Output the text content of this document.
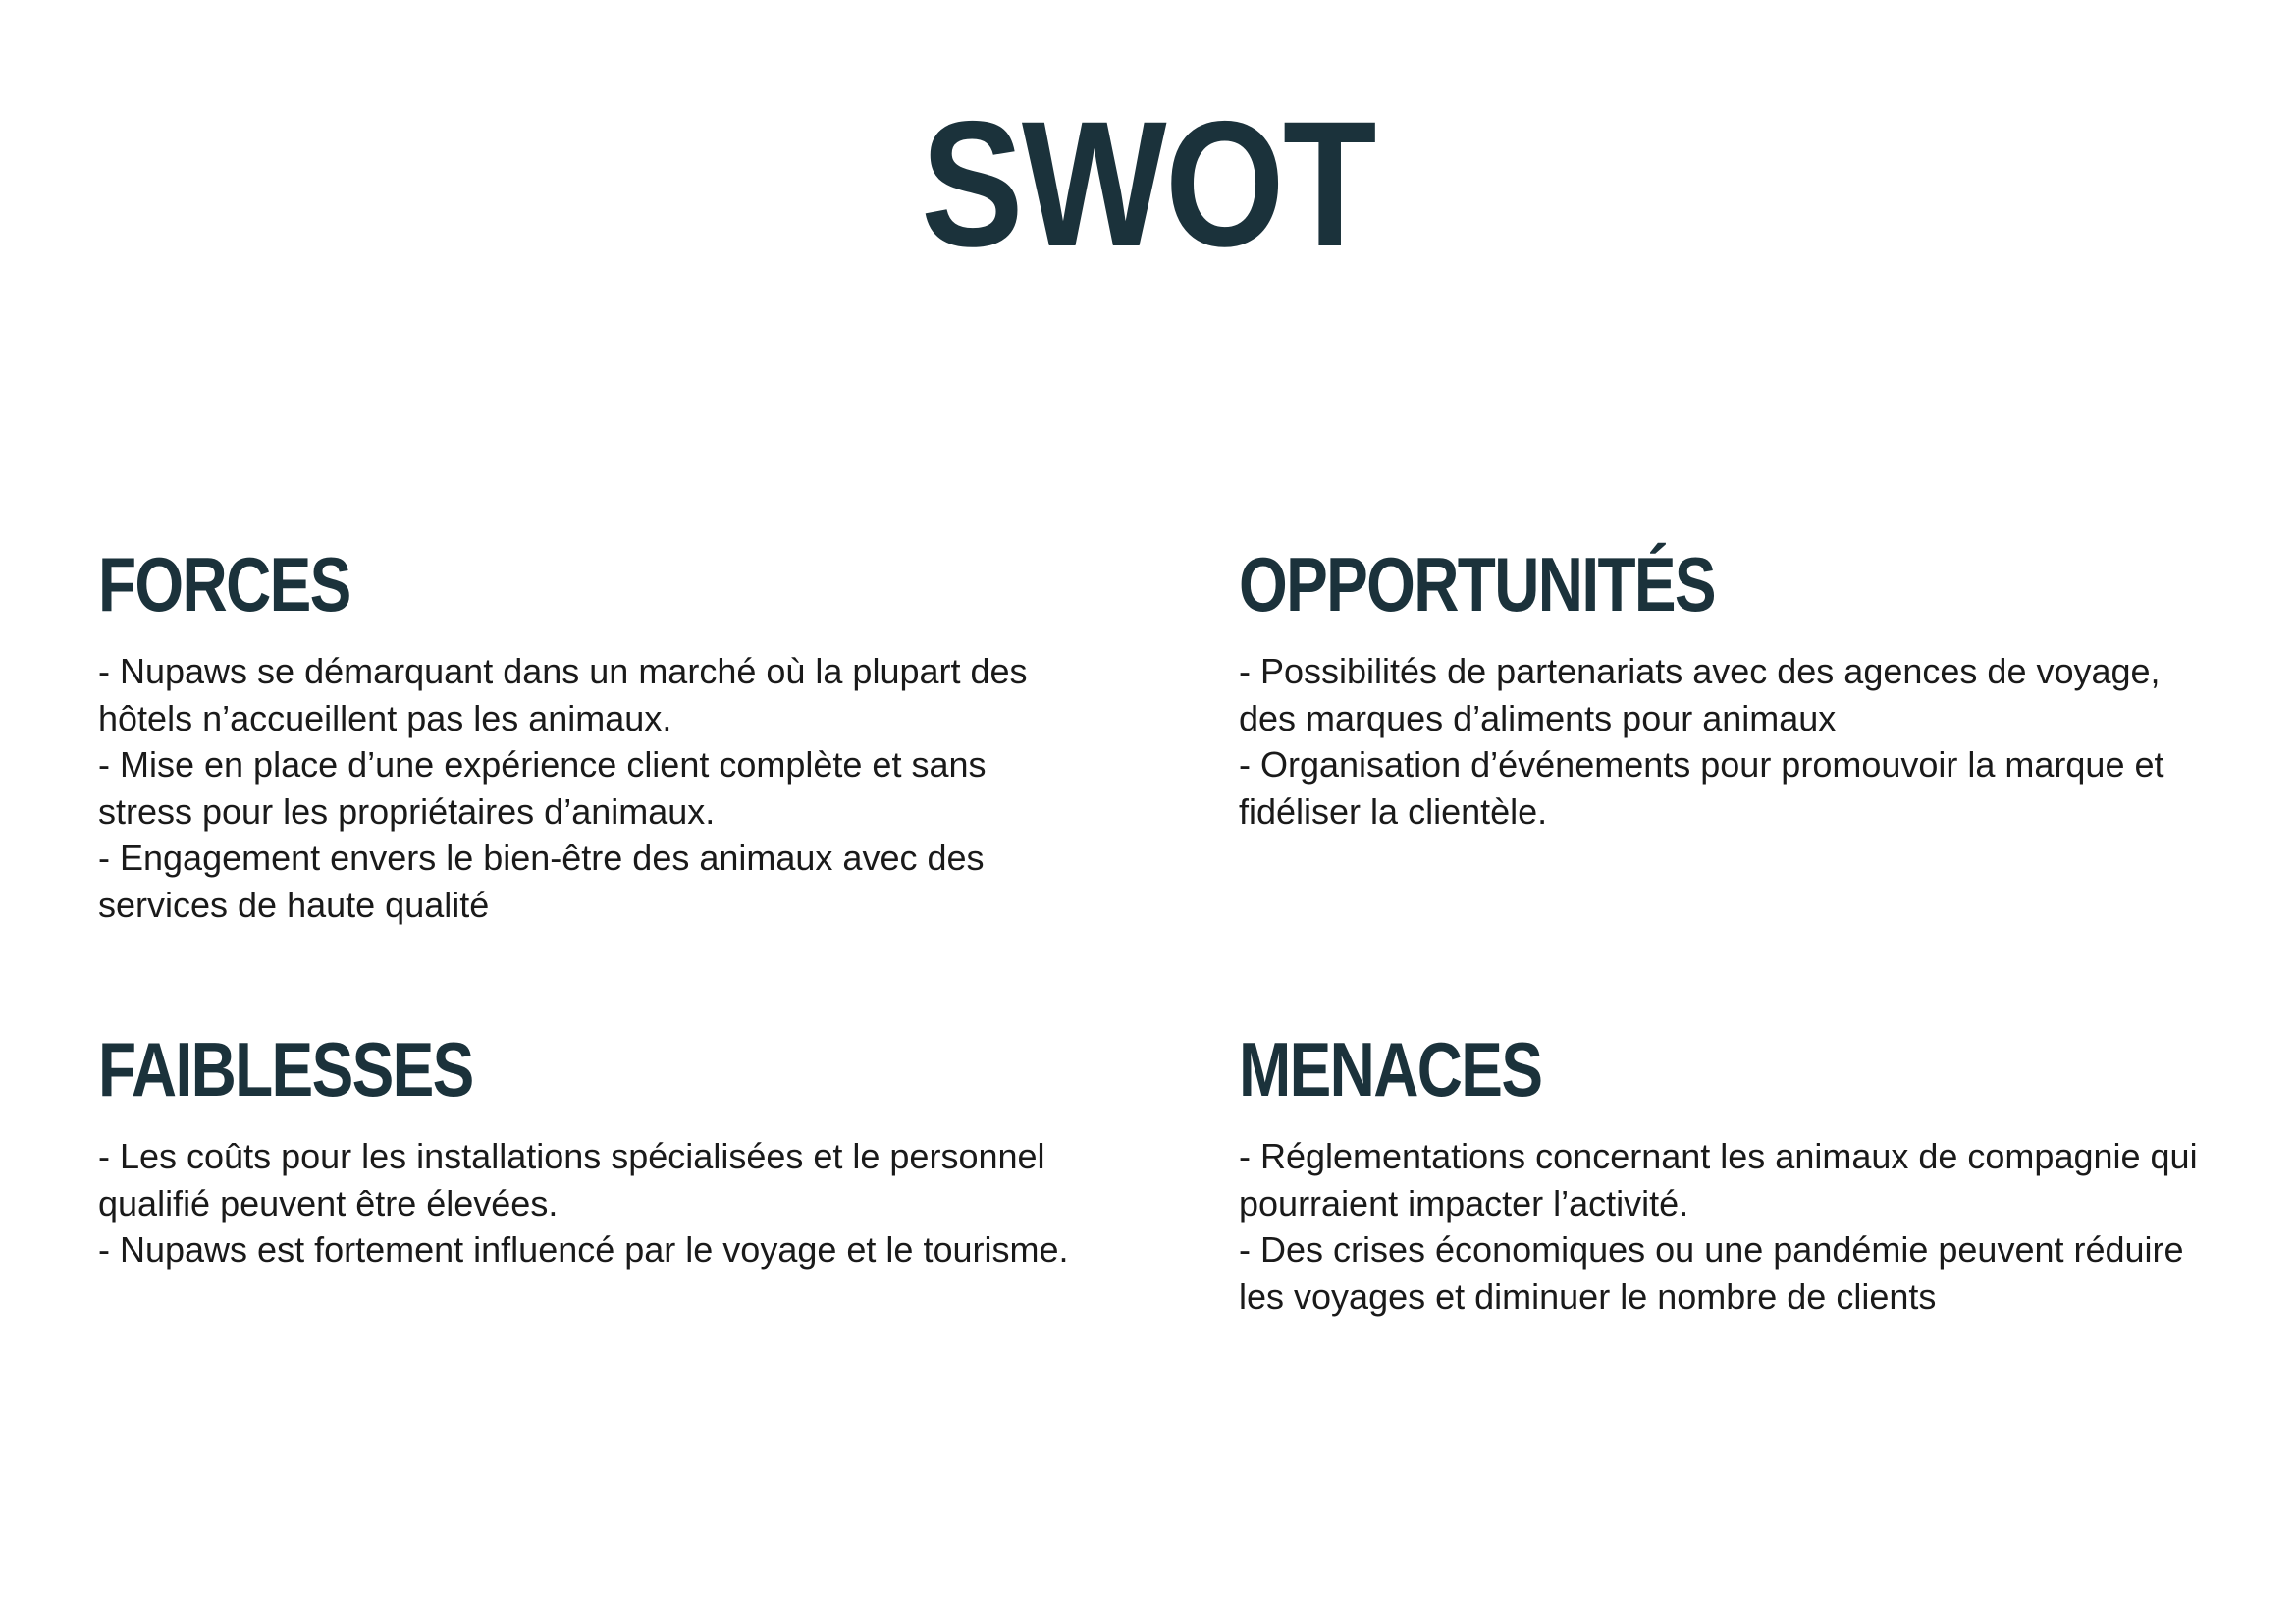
SWOT
FORCES
- Nupaws se démarquant dans un marché où la plupart des hôtels n’accueillent pas les animaux.
- Mise en place d’une expérience client complète et sans stress pour les propriétaires d’animaux.
- Engagement envers le bien-être des animaux avec des services de haute qualité
OPPORTUNITÉS
- Possibilités de partenariats avec des agences de voyage, des marques d’aliments pour animaux
- Organisation d’événements pour promouvoir la marque et fidéliser la clientèle.
FAIBLESSES
- Les coûts pour les installations spécialisées et le personnel qualifié peuvent être élevées.
- Nupaws est fortement influencé par le voyage et le tourisme.
MENACES
- Réglementations concernant les animaux de compagnie qui pourraient impacter l’activité.
- Des crises économiques ou une pandémie peuvent réduire les voyages et diminuer le nombre de clients
